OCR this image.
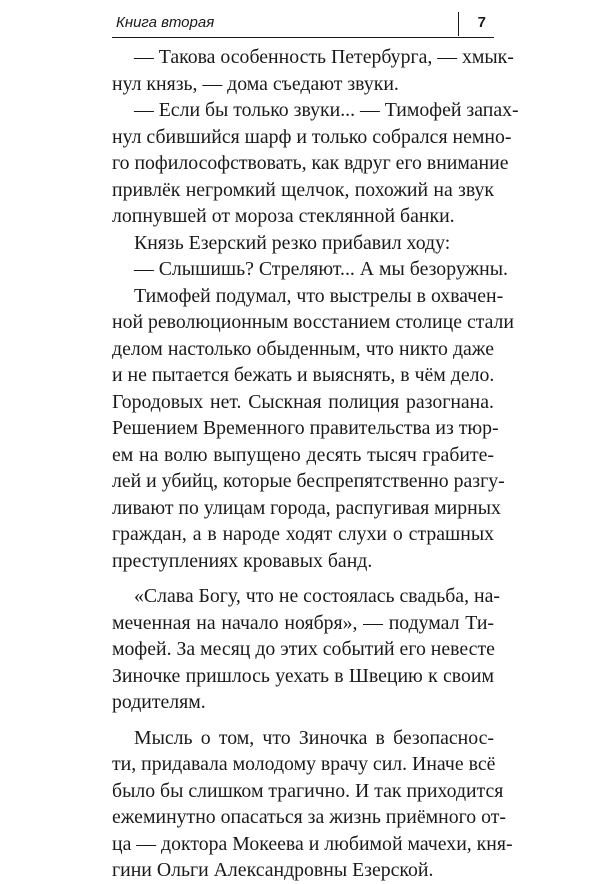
Книга вторая	7
— Такова особенность Петербурга, — хмык-
нул князь, — дома съедают звуки.
— Если бы только звуки... — Тимофей запах-
нул сбившийся шарф и только собрался немно-
го пофилософствовать, как вдруг его внимание
привлёк негромкий щелчок, похожий на звук
лопнувшей от мороза стеклянной банки.
Князь Езерский резко прибавил ходу:
— Слышишь? Стреляют... А мы безоружны.
Тимофей подумал, что выстрелы в охвачен-
ной революционным восстанием столице стали
делом настолько обыденным, что никто даже
и не пытается бежать и выяснять, в чём дело.
Городовых нет. Сыскная полиция разогнана.
Решением Временного правительства из тюр-
ем на волю выпущено десять тысяч грабите-
лей и убийц, которые беспрепятственно разгу-
ливают по улицам города, распугивая мирных
граждан, а в народе ходят слухи о страшных
преступлениях кровавых банд.
«Слава Богу, что не состоялась свадьба, на-
меченная на начало ноября», — подумал Ти-
мофей. За месяц до этих событий его невесте
Зиночке пришлось уехать в Швецию к своим
родителям.
Мысль о том, что Зиночка в безопаснос-
ти, придавала молодому врачу сил. Иначе всё
было бы слишком трагично. И так приходится
ежеминутно опасаться за жизнь приёмного от-
ца — доктора Мокеева и любимой мачехи, кня-
гини Ольги Александровны Езерской.
